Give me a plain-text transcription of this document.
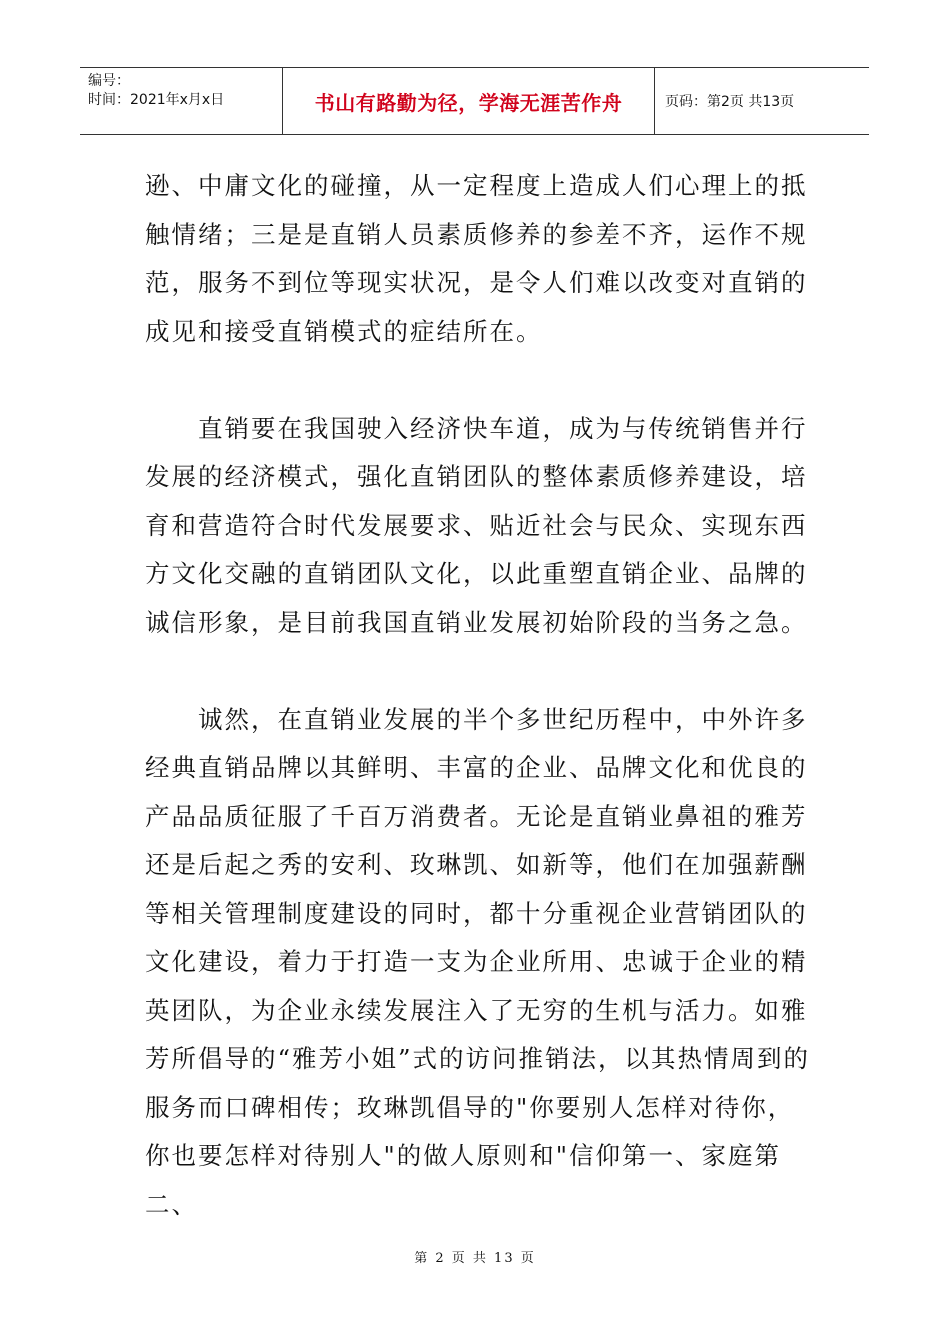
编号：
时间：2021年x月x日	书山有路勤为径，学海无涯苦作舟	页码：第2页 共13页

逊、中庸文化的碰撞，从一定程度上造成人们心理上的抵触情绪；三是是直销人员素质修养的参差不齐，运作不规范，服务不到位等现实状况，是令人们难以改变对直销的成见和接受直销模式的症结所在。

直销要在我国驶入经济快车道，成为与传统销售并行发展的经济模式，强化直销团队的整体素质修养建设，培育和营造符合时代发展要求、贴近社会与民众、实现东西方文化交融的直销团队文化，以此重塑直销企业、品牌的诚信形象，是目前我国直销业发展初始阶段的当务之急。

诚然，在直销业发展的半个多世纪历程中，中外许多经典直销品牌以其鲜明、丰富的企业、品牌文化和优良的产品品质征服了千百万消费者。无论是直销业鼻祖的雅芳还是后起之秀的安利、玫琳凯、如新等，他们在加强薪酬等相关管理制度建设的同时，都十分重视企业营销团队的文化建设，着力于打造一支为企业所用、忠诚于企业的精英团队，为企业永续发展注入了无穷的生机与活力。如雅芳所倡导的“雅芳小姐”式的访问推销法，以其热情周到的服务而口碑相传；玫琳凯倡导的"你要别人怎样对待你，你也要怎样对待别人"的做人原则和"信仰第一、家庭第二、

第 2 页 共 13 页
